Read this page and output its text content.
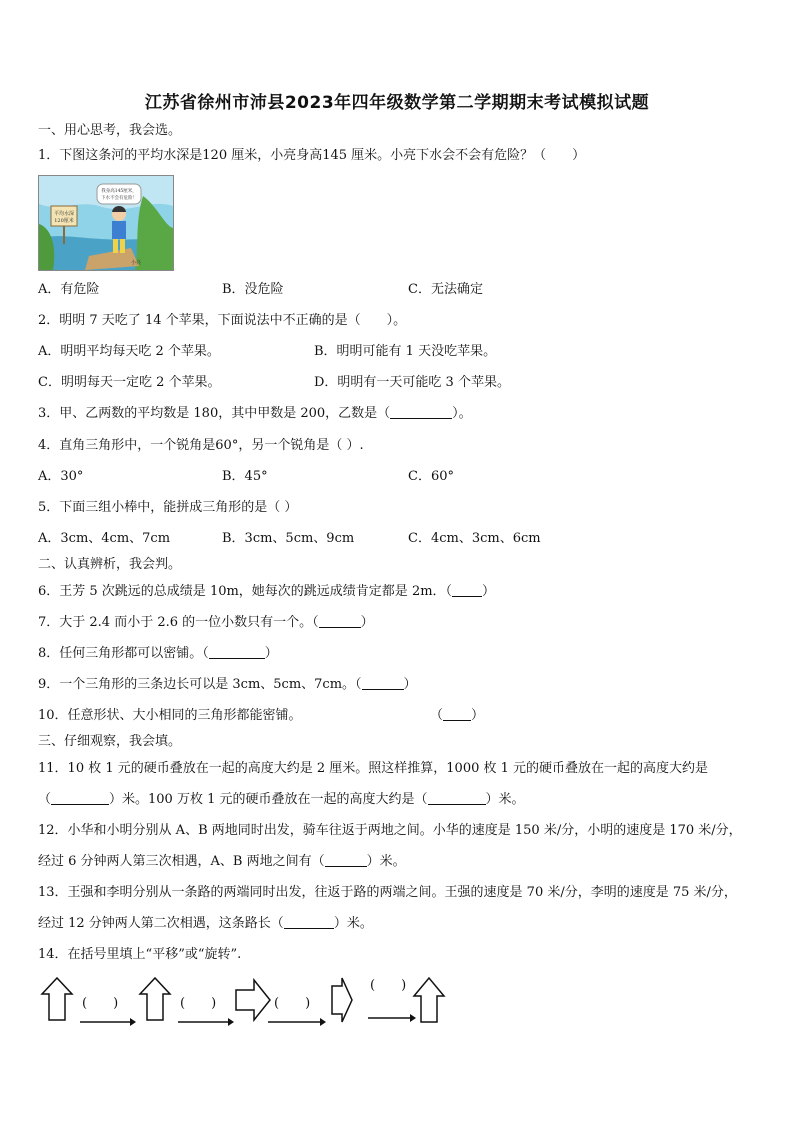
江苏省徐州市沛县2023年四年级数学第二学期期末考试模拟试题
一、用心思考，我会选。
1．下图这条河的平均水深是120 厘米，小亮身高145 厘米。小亮下水会不会有危险？（　　）
平均水深
120厘米
我身高145厘米，
下水不会有危险！
小亮
A．有危险	B．没危险	C．无法确定
2．明明 7 天吃了 14 个苹果，下面说法中不正确的是（　　）。
A．明明平均每天吃 2 个苹果。	B．明明可能有 1 天没吃苹果。
C．明明每天一定吃 2 个苹果。	D．明明有一天可能吃 3 个苹果。
3．甲、乙两数的平均数是 180，其中甲数是 200，乙数是（	）。
4．直角三角形中，一个锐角是60°，另一个锐角是（ ）.
A．30°	B．45°	C．60°
5．下面三组小棒中，能拼成三角形的是（ ）
A．3cm、4cm、7cm	B．3cm、5cm、9cm	C．4cm、3cm、6cm
二、认真辨析，我会判。
6．王芳 5 次跳远的总成绩是 10m，她每次的跳远成绩肯定都是 2m．（ ）
7．大于 2.4 而小于 2.6 的一位小数只有一个。（	）
8．任何三角形都可以密铺。（	）
9．一个三角形的三条边长可以是 3cm、5cm、7cm。（	）
10．任意形状、大小相同的三角形都能密铺。	（ ）
三、仔细观察，我会填。
11．10 枚 1 元的硬币叠放在一起的高度大约是 2 厘米。照这样推算，1000 枚 1 元的硬币叠放在一起的高度大约是
（	）米。100 万枚 1 元的硬币叠放在一起的高度大约是（	）米。
12．小华和小明分别从 A、B 两地同时出发，骑车往返于两地之间。小华的速度是 150 米/分，小明的速度是 170 米/分，
经过 6 分钟两人第三次相遇，A、B 两地之间有（	）米。
13．王强和李明分别从一条路的两端同时出发，往返于路的两端之间。王强的速度是 70 米/分，李明的速度是 75 米/分，
经过 12 分钟两人第二次相遇，这条路长（	）米。
14．在括号里填上“平移”或“旋转”.
(　　)	(　　)	(　　)
(　　)
